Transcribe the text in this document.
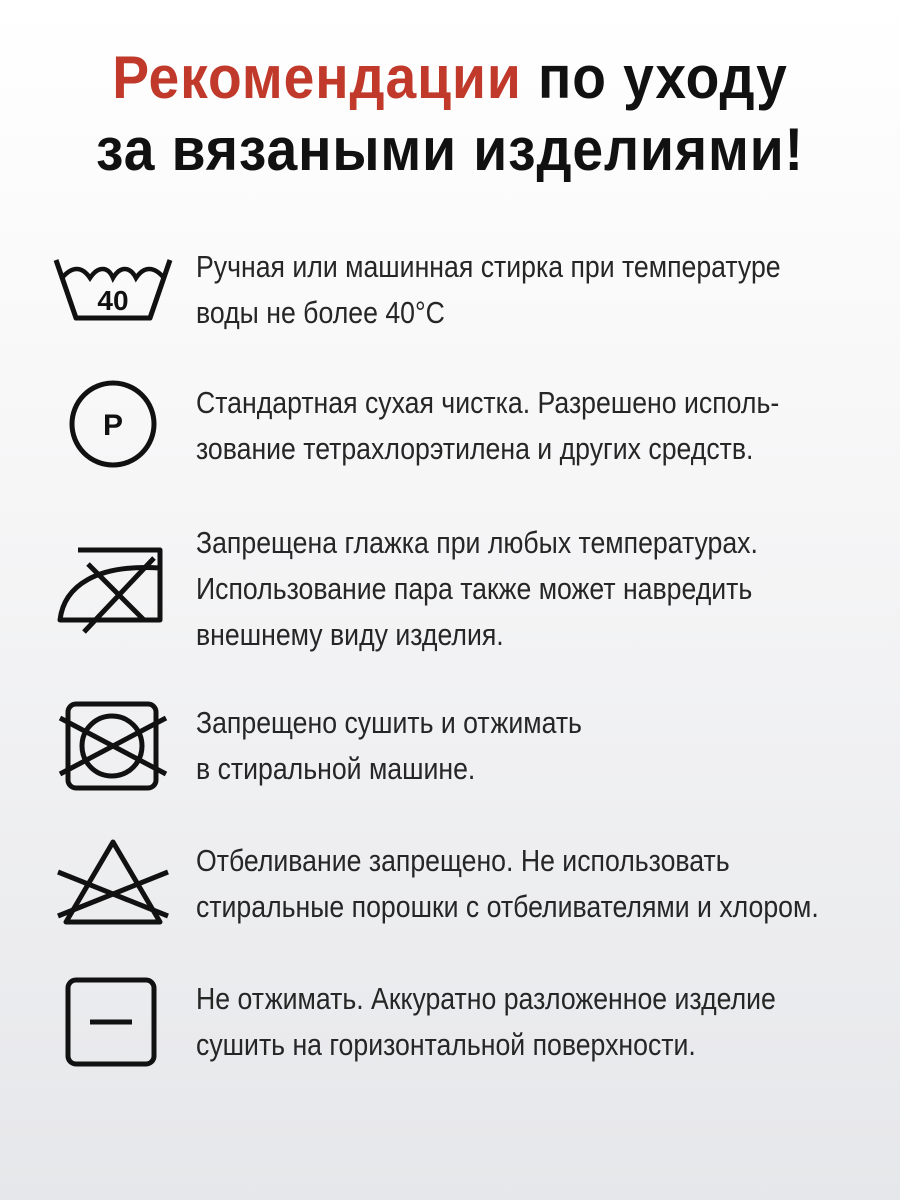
Рекомендации по уходу
за вязаными изделиями!
40
Ручная или машинная стирка при температуре
воды не более 40°C
P
Стандартная сухая чистка. Разрешено исполь-
зование тетрахлорэтилена и других средств.
Запрещена глажка при любых температурах.
Использование пара также может навредить
внешнему виду изделия.
Запрещено сушить и отжимать
в стиральной машине.
Отбеливание запрещено. Не использовать
стиральные порошки с отбеливателями и хлором.
Не отжимать. Аккуратно разложенное изделие
сушить на горизонтальной поверхности.
